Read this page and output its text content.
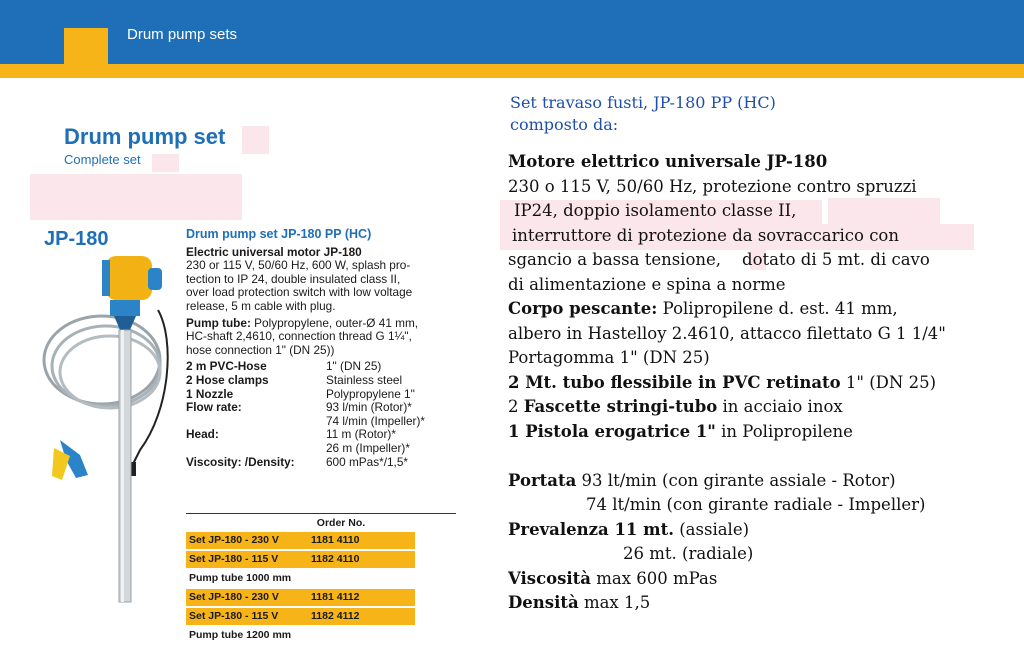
Drum pump sets
Drum pump set
Complete set
JP-180	Drum pump set JP-180 PP (HC)

Electric universal motor JP-180
230 or 115 V, 50/60 Hz, 600 W, splash pro-
tection to IP 24, double insulated class II,
over load protection switch with low voltage
release, 5 m cable with plug.

Pump tube: Polypropylene, outer-Ø 41 mm,
HC-shaft 2,4610, connection thread G 1¼",
hose connection 1" (DN 25))

2 m PVC-Hose	1" (DN 25)
2 Hose clamps	Stainless steel
1 Nozzle	Polypropylene 1"
Flow rate:	93 l/min (Rotor)*
	74 l/min (Impeller)*
Head:	11 m (Rotor)*
	26 m (Impeller)*
Viscosity: /Density:	600 mPas*/1,5*
Order No.
Set JP-180 - 230 V	1181 4110
Set JP-180 - 115 V	1182 4110
Pump tube 1000 mm
Set JP-180 - 230 V	1181 4112
Set JP-180 - 115 V	1182 4112
Pump tube 1200 mm
Set travaso fusti, JP-180 PP (HC)
composto da:

Motore elettrico universale JP-180

230 o 115 V, 50/60 Hz, protezione contro spruzzi

IP24, doppio isolamento classe II,

interruttore di protezione da sovraccarico con

sgancio a bassa tensione, dotato di 5 mt. di cavo

di alimentazione e spina a norme

Corpo pescante: Polipropilene d. est. 41 mm,

albero in Hastelloy 2.4610, attacco filettato G 1 1/4"

Portagomma 1" (DN 25)

2 Mt. tubo flessibile in PVC retinato 1" (DN 25)

2 Fascette stringi-tubo in acciaio inox

1 Pistola erogatrice 1" in Polipropilene

Portata 93 lt/min (con girante assiale - Rotor)

74 lt/min (con girante radiale - Impeller)

Prevalenza 11 mt. (assiale)

26 mt. (radiale)

Viscosità max 600 mPas

Densità max 1,5
